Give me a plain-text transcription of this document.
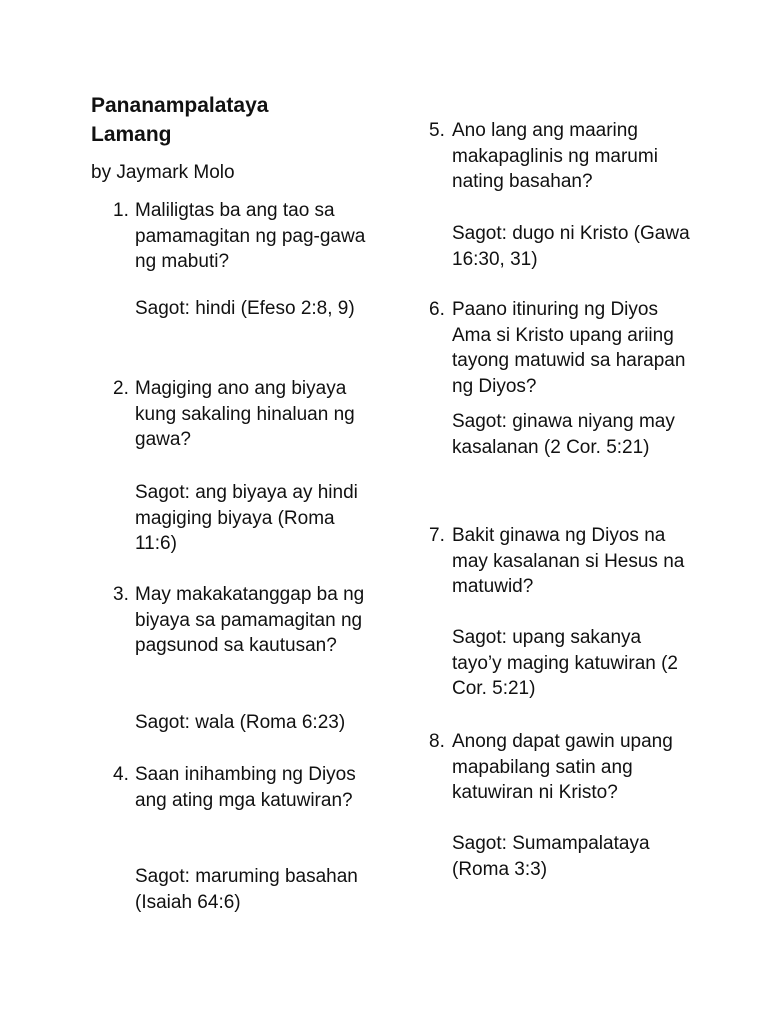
Pananampalataya Lamang

by Jaymark Molo

1. Maliligtas ba ang tao sa pamamagitan ng pag-gawa ng mabuti?
Sagot: hindi (Efeso 2:8, 9)
2. Magiging ano ang biyaya kung sakaling hinaluan ng gawa?
Sagot: ang biyaya ay hindi magiging biyaya (Roma 11:6)
3. May makakatanggap ba ng biyaya sa pamamagitan ng pagsunod sa kautusan?
Sagot: wala (Roma 6:23)
4. Saan inihambing ng Diyos ang ating mga katuwiran?
Sagot: maruming basahan (Isaiah 64:6)
5. Ano lang ang maaring makapaglinis ng marumi nating basahan?
Sagot: dugo ni Kristo (Gawa 16:30, 31)
6. Paano itinuring ng Diyos Ama si Kristo upang ariing tayong matuwid sa harapan ng Diyos?
Sagot: ginawa niyang may kasalanan (2 Cor. 5:21)
7. Bakit ginawa ng Diyos na may kasalanan si Hesus na matuwid?
Sagot: upang sakanya tayo’y maging katuwiran (2 Cor. 5:21)
8. Anong dapat gawin upang mapabilang satin ang katuwiran ni Kristo?
Sagot: Sumampalataya (Roma 3:3)
